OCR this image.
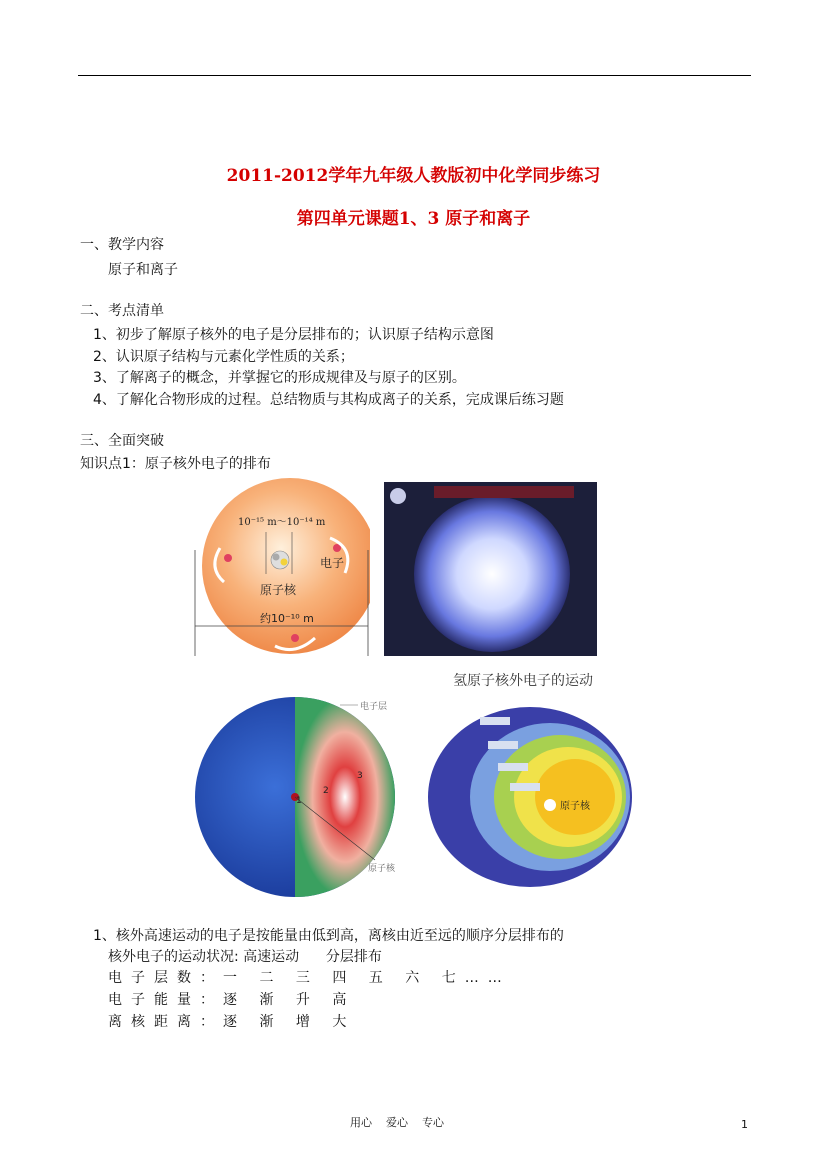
2011-2012学年九年级人教版初中化学同步练习
第四单元课题1、3 原子和离子
一、教学内容
原子和离子
二、考点清单
1、初步了解原子核外的电子是分层排布的；认识原子结构示意图
2、认识原子结构与元素化学性质的关系；
3、了解离子的概念，并掌握它的形成规律及与原子的区别。
4、了解化合物形成的过程。总结物质与其构成离子的关系，完成课后练习题
三、全面突破
知识点1：原子核外电子的排布
10⁻¹⁵ m～10⁻¹⁴ m
电子
原子核
约10⁻¹⁰ m
氢原子核外电子的运动
电子层
1
2
3
原子核
原子核
1、核外高速运动的电子是按能量由低到高，离核由近至远的顺序分层排布的
核外电子的运动状况: 高速运动      分层排布
电子层数：一 二 三 四 五 六 七……
电子能量：逐 渐 升 高
离核距离：逐 渐 增 大
用心    爱心    专心	1
